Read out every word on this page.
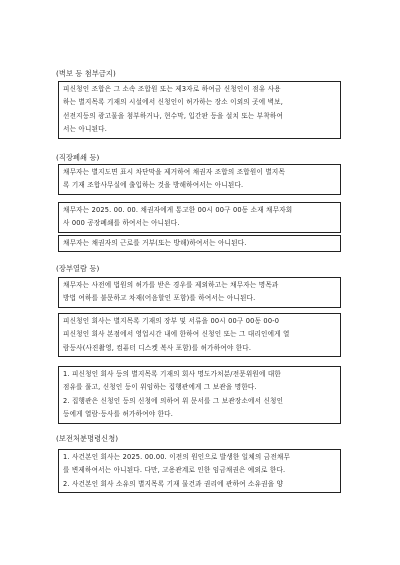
(벽보 등 첨부금지)
피신청인 조합은 그 소속 조합원 또는 제3자로 하여금 신청인이 점유 사용
하는 별지목록 기재의 시설에서 신청인이 허가하는 장소 이외의 곳에 벽보,
선전지등의 광고물을 첨부하거나, 현수막, 입간판 등을 설치 또는 부착하여
서는 아니된다.
(직장폐쇄 등)
채무자는 별지도면 표시 차단막을 제거하여 채권자 조합의 조합원이 별지목
록 기재 조합사무실에 출입하는 것을 방해하여서는 아니된다.
채무자는 2025. 00. 00. 채권자에게 통고한 00시 00구 00동 소재 채무자회
사 000 공장폐쇄를 하여서는 아니된다.
채무자는 채권자의 근로를 거부(또는 방해)하여서는 아니된다.
(장부열람 등)
채무자는 사전에 법원의 허가를 받은 경우를 제외하고는 채무자는 명목과
방법 여하를 불문하고 차재(어음할인 포함)를 하여서는 아니된다.
피신청인 회사는 별지목록 기재의 장부 및 서류을 00시 00구 00동 00-0
피신청인 회사 본점에서 영업시간 내에 한하여 신청인 또는 그 대리인에게 열
람등사(사진촬영, 컴퓨터 디스켓 복사 포함)를 허가하여야 한다.
1. 피신청인 회사 등의 별지목록 기재의 회사 명도가처분/전문위원에 대한
점유를 풀고, 신청인 등이 위임하는 집행관에게 그 보관을 명한다.
2. 집행관은 신청인 등의 신청에 의하여 위 문서를 그 보관장소에서 신청인
등에게 열람·등사를 허가하여야 한다.
(보전처분명령신청)
1. 사건본인 회사는 2025. 00.00. 이전의 원인으로 발생한 일체의 금전채무
를 변제하여서는 아니된다. 다만, 고용관계로 인한 임금채권은 예외로 한다.
2. 사건본인 회사 소유의 별지목록 기재 물건과 권리에 관하여 소유권을 양
